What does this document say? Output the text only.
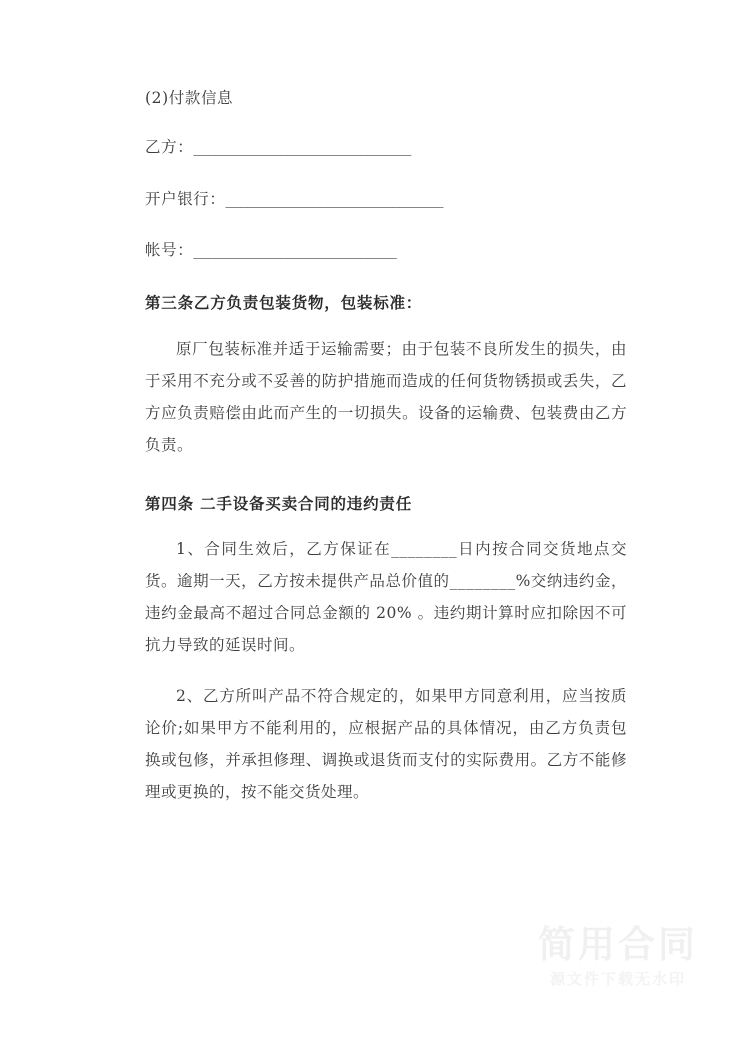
(2)付款信息

乙方：______________________________

开户银行：______________________________

帐号：____________________________

第三条乙方负责包装货物，包装标准：

原厂包装标准并适于运输需要；由于包装不良所发生的损失，由于采用不充分或不妥善的防护措施而造成的任何货物锈损或丢失，乙方应负责赔偿由此而产生的一切损失。设备的运输费、包装费由乙方负责。

第四条 二手设备买卖合同的违约责任

1、合同生效后，乙方保证在________日内按合同交货地点交货。逾期一天，乙方按未提供产品总价值的________%交纳违约金，违约金最高不超过合同总金额的 20% 。违约期计算时应扣除因不可抗力导致的延误时间。

2、乙方所叫产品不符合规定的，如果甲方同意利用，应当按质论价;如果甲方不能利用的，应根据产品的具体情况，由乙方负责包换或包修，并承担修理、调换或退货而支付的实际费用。乙方不能修理或更换的，按不能交货处理。

简用合同
源文件下载无水印
